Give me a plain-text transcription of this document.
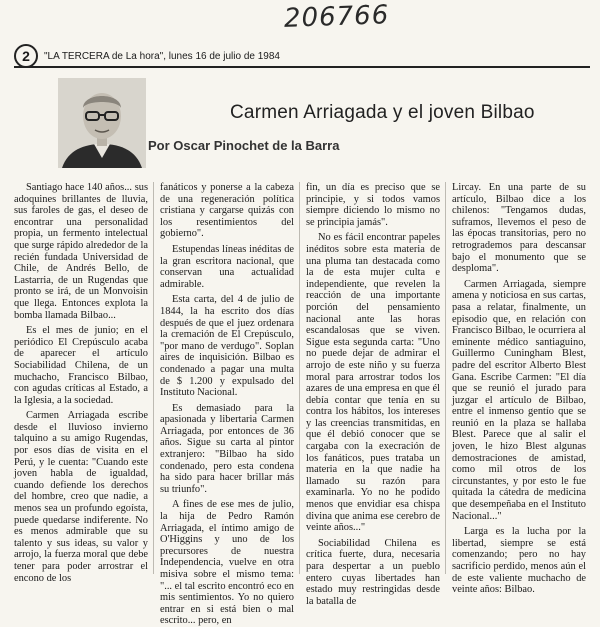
206766
2	"LA TERCERA de La hora", lunes 16 de julio de 1984
Carmen Arriagada y el joven Bilbao
Por Oscar Pinochet de la Barra

Santiago hace 140 años... sus adoquines brillantes de lluvia, sus faroles de gas, el deseo de encontrar una personalidad propia, un fermento intelectual que surge rápido alrededor de la recién fundada Universidad de Chile, de Andrés Bello, de Lastarria, de un Rugendas que pronto se irá, de un Monvoisin que llega. Entonces explota la bomba llamada Bilbao...

Es el mes de junio; en el periódico El Crepúsculo acaba de aparecer el artículo Sociabilidad Chilena, de un muchacho, Francisco Bilbao, con agudas críticas al Estado, a la Iglesia, a la sociedad.

Carmen Arriagada escribe desde el lluvioso invierno talquino a su amigo Rugendas, por esos días de visita en el Perú, y le cuenta: "Cuando este joven habla de igualdad, cuando defiende los derechos del hombre, creo que nadie, a menos sea un profundo egoísta, puede quedarse indiferente. No es menos admirable que su talento y sus ideas, su valor y arrojo, la fuerza moral que debe tener para poder arrostrar el encono de los

fanáticos y ponerse a la cabeza de una regeneración política cristiana y cargarse quizás con los resentimientos del gobierno".

Estupendas líneas inéditas de la gran escritora nacional, que conservan una actualidad admirable.

Esta carta, del 4 de julio de 1844, la ha escrito dos días después de que el juez ordenara la cremación de El Crepúsculo, "por mano de verdugo". Soplan aires de inquisición. Bilbao es condenado a pagar una multa de $ 1.200 y expulsado del Instituto Nacional.

Es demasiado para la apasionada y libertaria Carmen Arriagada, por entonces de 36 años. Sigue su carta al pintor extranjero: "Bilbao ha sido condenado, pero esta condena ha sido para hacer brillar más su triunfo".

A fines de ese mes de julio, la hija de Pedro Ramón Arriagada, el íntimo amigo de O'Higgins y uno de los precursores de nuestra Independencia, vuelve en otra misiva sobre el mismo tema: "... el tal escrito encontró eco en mis sentimientos. Yo no quiero entrar en si está bien o mal escrito... pero, en

fin, un día es preciso que se principie, y si todos vamos siempre diciendo lo mismo no se principia jamás".

No es fácil encontrar papeles inéditos sobre esta materia de una pluma tan destacada como la de esta mujer culta e independiente, que revelen la reacción de una importante porción del pensamiento nacional ante las horas escandalosas que se viven. Sigue esta segunda carta: "Uno no puede dejar de admirar el arrojo de este niño y su fuerza moral para arrostrar todos los azares de una empresa en que él debía contar que tenía en su contra los hábitos, los intereses y las creencias transmitidas, en que él debió conocer que se cargaba con la execración de los fanáticos, pues trataba un materia en la que nadie ha llamado su razón para examinarla. Yo no he podido menos que envidiar esa chispa divina que anima ese cerebro de veinte años..."

Sociabilidad Chilena es crítica fuerte, dura, necesaria para despertar a un pueblo entero cuyas libertades han estado muy restringidas desde la batalla de

Lircay. En una parte de su artículo, Bilbao dice a los chilenos: "Tengamos dudas, suframos, llevemos el peso de las épocas transitorias, pero no retrogrademos para descansar bajo el monumento que se desploma".

Carmen Arriagada, siempre amena y noticiosa en sus cartas, pasa a relatar, finalmente, un episodio que, en relación con Francisco Bilbao, le ocurriera al eminente médico santiaguino, Guillermo Cuningham Blest, padre del escritor Alberto Blest Gana. Escribe Carmen: "El día que se reunió el jurado para juzgar el artículo de Bilbao, entre el inmenso gentío que se reunió en la plaza se hallaba Blest. Parece que al salir el joven, le hizo Blest algunas demostraciones de amistad, como mil otros de los circunstantes, y por esto le fue quitada la cátedra de medicina que desempeñaba en el Instituto Nacional..."

Larga es la lucha por la libertad, siempre se está comenzando; pero no hay sacrificio perdido, menos aún el de este valiente muchacho de veinte años: Bilbao.
